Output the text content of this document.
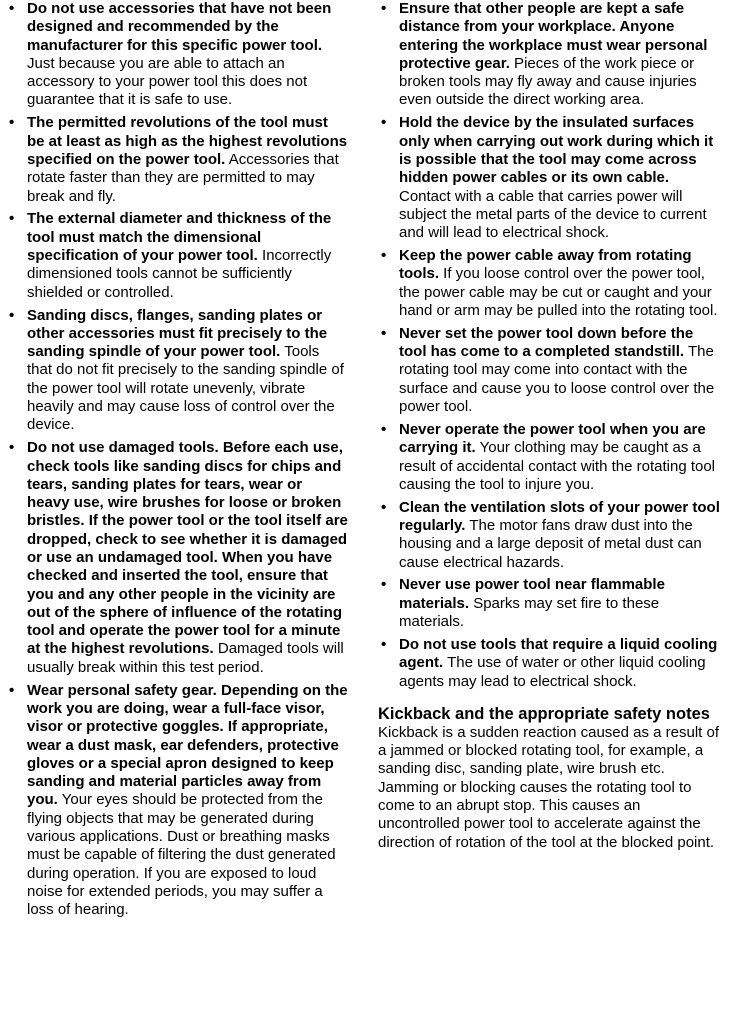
• Do not use accessories that have not been designed and recommended by the manufacturer for this specific power tool. Just because you are able to attach an accessory to your power tool this does not guarantee that it is safe to use.
• The permitted revolutions of the tool must be at least as high as the highest revolutions specified on the power tool. Accessories that rotate faster than they are permitted to may break and fly.
• The external diameter and thickness of the tool must match the dimensional specification of your power tool. Incorrectly dimensioned tools cannot be sufficiently shielded or controlled.
• Sanding discs, flanges, sanding plates or other accessories must fit precisely to the sanding spindle of your power tool. Tools that do not fit precisely to the sanding spindle of the power tool will rotate unevenly, vibrate heavily and may cause loss of control over the device.
• Do not use damaged tools. Before each use, check tools like sanding discs for chips and tears, sanding plates for tears, wear or heavy use, wire brushes for loose or broken bristles. If the power tool or the tool itself are dropped, check to see whether it is damaged or use an undamaged tool. When you have checked and inserted the tool, ensure that you and any other people in the vicinity are out of the sphere of influence of the rotating tool and operate the power tool for a minute at the highest revolutions. Damaged tools will usually break within this test period.
• Wear personal safety gear. Depending on the work you are doing, wear a full-face visor, visor or protective goggles. If appropriate, wear a dust mask, ear defenders, protective gloves or a special apron designed to keep sanding and material particles away from you. Your eyes should be protected from the flying objects that may be generated during various applications. Dust or breathing masks must be capable of filtering the dust generated during operation. If you are exposed to loud noise for extended periods, you may suffer a loss of hearing.
• Ensure that other people are kept a safe distance from your workplace. Anyone entering the workplace must wear personal protective gear. Pieces of the work piece or broken tools may fly away and cause injuries even outside the direct working area.
• Hold the device by the insulated surfaces only when carrying out work during which it is possible that the tool may come across hidden power cables or its own cable. Contact with a cable that carries power will subject the metal parts of the device to current and will lead to electrical shock.
• Keep the power cable away from rotating tools. If you loose control over the power tool, the power cable may be cut or caught and your hand or arm may be pulled into the rotating tool.
• Never set the power tool down before the tool has come to a completed standstill. The rotating tool may come into contact with the surface and cause you to loose control over the power tool.
• Never operate the power tool when you are carrying it. Your clothing may be caught as a result of accidental contact with the rotating tool causing the tool to injure you.
• Clean the ventilation slots of your power tool regularly. The motor fans draw dust into the housing and a large deposit of metal dust can cause electrical hazards.
• Never use power tool near flammable materials. Sparks may set fire to these materials.
• Do not use tools that require a liquid cooling agent. The use of water or other liquid cooling agents may lead to electrical shock.
Kickback and the appropriate safety notes

Kickback is a sudden reaction caused as a result of a jammed or blocked rotating tool, for example, a sanding disc, sanding plate, wire brush etc. Jamming or blocking causes the rotating tool to come to an abrupt stop. This causes an uncontrolled power tool to accelerate against the direction of rotation of the tool at the blocked point.
